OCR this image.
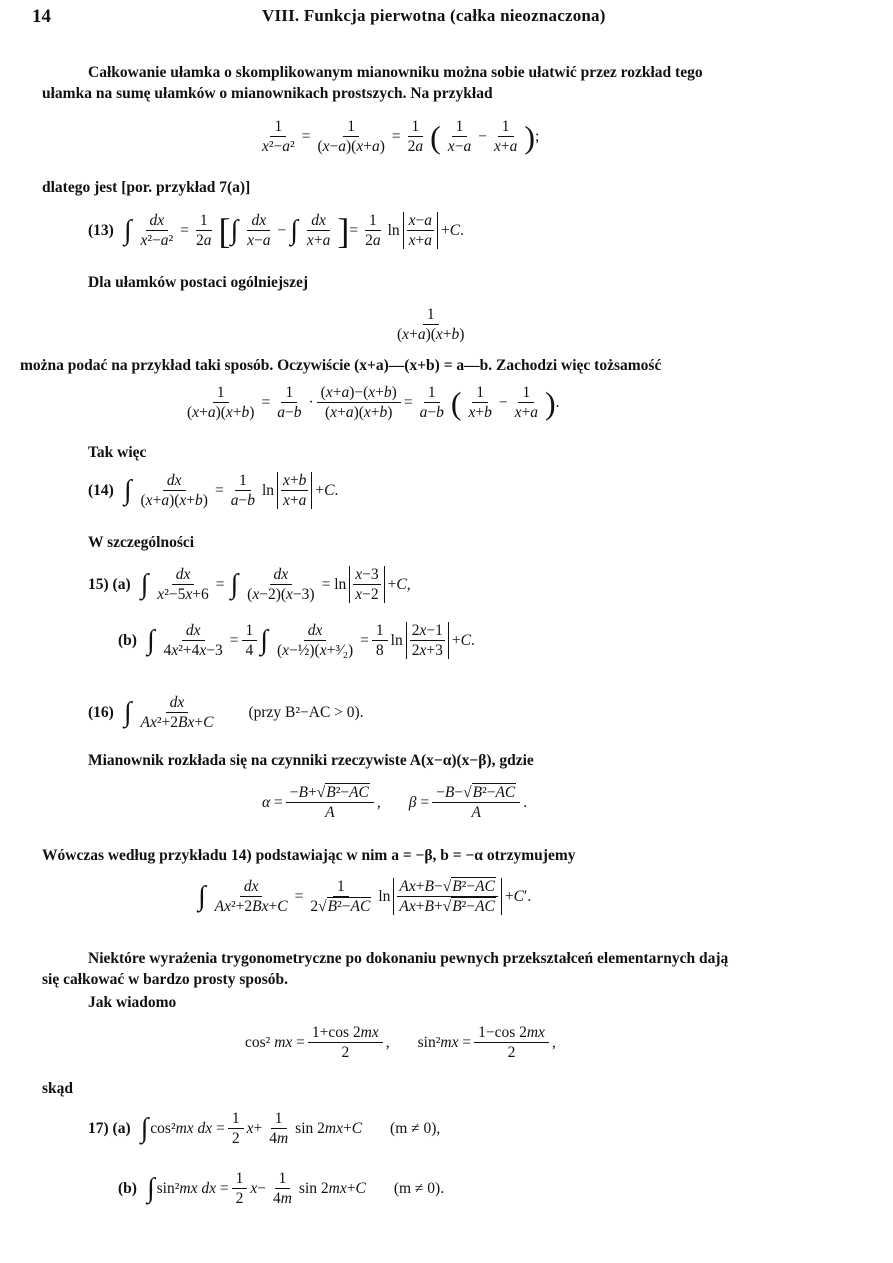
14	VIII. Funkcja pierwotna (całka nieoznaczona)
Całkowanie ułamka o skomplikowanym mianowniku można sobie ułatwić przez rozkład tego
ułamka na sumę ułamków o mianownikach prostszych. Na przykład
$\frac{1}{\text{x²−a²}} = \frac{1}{(x-a)(x+a)} = \frac{1}{2a}$ ( $\frac{1}{x-a} - \frac{1}{x+a}$ ) ;
dlatego jest [por. przykład 7(a)]
(13) ∫ $\frac{dx}{\text{x²−a²}} = \frac{1}{2a}$ [ ∫ $\frac{dx}{x-a}$ − ∫ $\frac{dx}{x+a}$ ] = $\frac{1}{2a}$ $\ln \frac{x-a}{x+a} +C$.
Dla ułamków postaci ogólniejszej
$\frac{1}{(x+a)(x+b)}$
można podać na przykład taki sposób. Oczywiście (x+a)—(x+b) = a—b. Zachodzi więc tożsamość
$\frac{1}{(x+a)(x+b)} = \frac{1}{a-b} \cdot \frac{(x+a)-(x+b)}{(x+a)(x+b)} = \frac{1}{a-b}$ ( $\frac{1}{x+b} - \frac{1}{x+a}$ ) .
Tak więc
(14) ∫ $\frac{dx}{(x+a)(x+b)} = \frac{1}{a-b}$ $\ln \frac{x+b}{x+a} +C$.
W szczególności
15) (a) ∫ $\frac{dx}{\text{x²−5x+6}}$ = ∫ $\frac{dx}{(x-2)(x-3)} = \ln \frac{x-3}{x-2} +C$,
(b) ∫ $\frac{dx}{\text{4x²+4x−3}} = \frac{1}{4}$ ∫ $\frac{dx}{\text{(x−½)(x+³⁄₂)}} = \frac{1}{8}$ $\ln \frac{2x-1}{2x+3} +C$.
(16) ∫ $\frac{dx}{\text{Ax²+2Bx+C}}$ (przy B²−AC > 0).
Mianownik rozkłada się na czynniki rzeczywiste A(x−α)(x−β), gdzie
$\alpha = \frac{\text{−B+√B²−AC}}{A}$ , $\beta = \frac{\text{−B−√B²−AC}}{A}$ .
Wówczas według przykładu 14) podstawiając w nim a = −β, b = −α otrzymujemy
∫ $\frac{dx}{\text{Ax²+2Bx+C}} = \frac{1}{\text{2√B²−AC}}$ $\ln \frac{\text{Ax+B−√B²−AC}}{\text{Ax+B+√B²−AC}} +C'$.
Niektóre wyrażenia trygonometryczne po dokonaniu pewnych przekształceń elementarnych dają
się całkować w bardzo prosty sposób.
Jak wiadomo
cos² mx = $\frac{1+\cos 2mx}{2}$ , $\sin^2mx = \frac{1-\cos 2mx}{2}$ ,
skąd
17) (a) ∫ cos²mx dx = $\frac{1}{2} x+ \frac{1}{4m}$ sin 2mx+C (m ≠ 0),
(b) ∫ sin²mx dx = $\frac{1}{2} x- \frac{1}{4m}$ sin 2mx+C (m ≠ 0).
